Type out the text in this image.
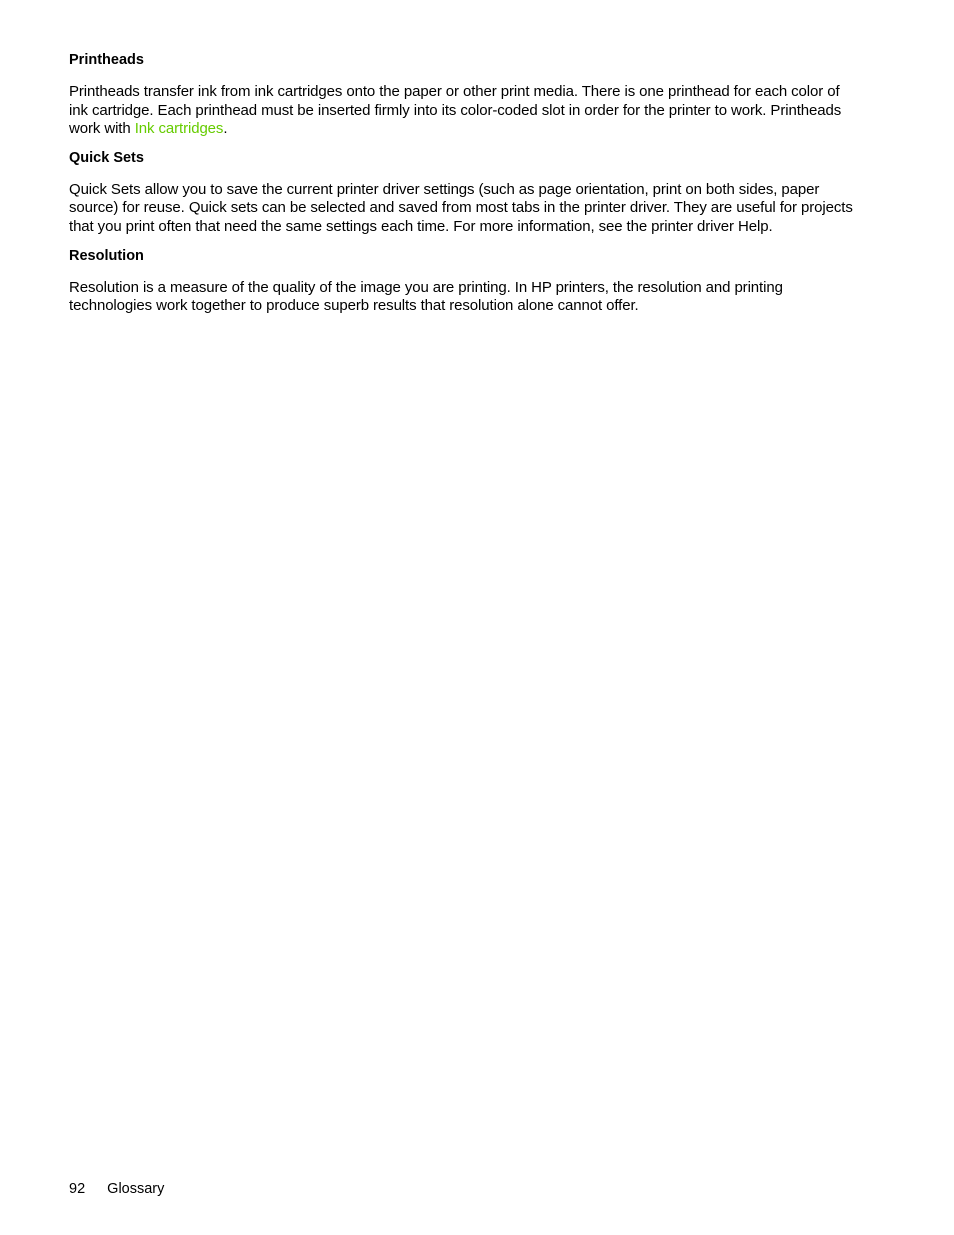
Printheads

Printheads transfer ink from ink cartridges onto the paper or other print media. There is one printhead for each color of ink cartridge. Each printhead must be inserted firmly into its color-coded slot in order for the printer to work. Printheads work with Ink cartridges.

Quick Sets

Quick Sets allow you to save the current printer driver settings (such as page orientation, print on both sides, paper source) for reuse. Quick sets can be selected and saved from most tabs in the printer driver. They are useful for projects that you print often that need the same settings each time. For more information, see the printer driver Help.

Resolution

Resolution is a measure of the quality of the image you are printing. In HP printers, the resolution and printing technologies work together to produce superb results that resolution alone cannot offer.

92 Glossary
